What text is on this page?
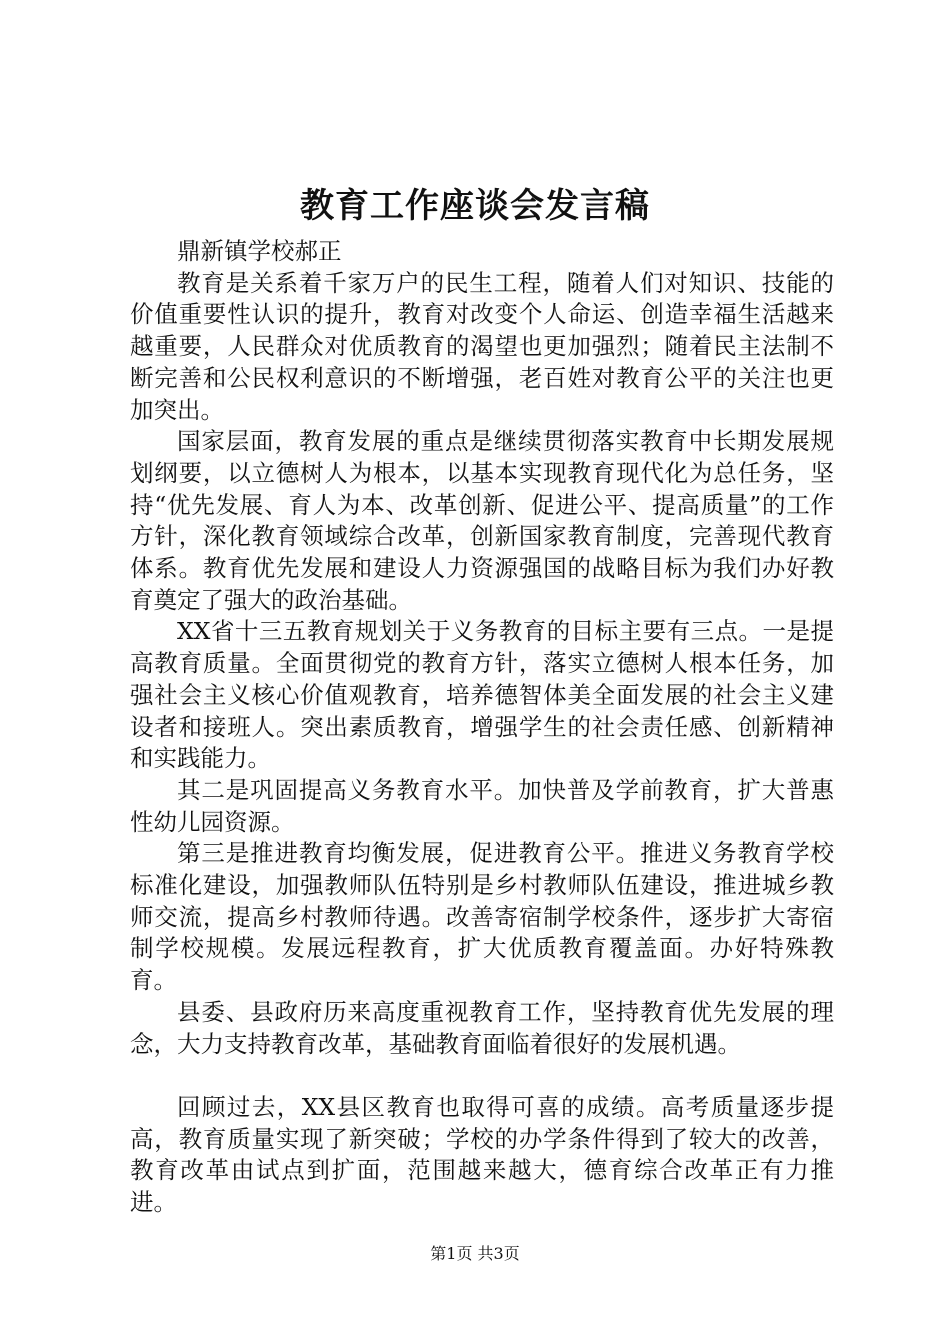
教育工作座谈会发言稿

鼎新镇学校郝正

教育是关系着千家万户的民生工程，随着人们对知识、技能的价值重要性认识的提升，教育对改变个人命运、创造幸福生活越来越重要，人民群众对优质教育的渴望也更加强烈；随着民主法制不断完善和公民权利意识的不断增强，老百姓对教育公平的关注也更加突出。

国家层面，教育发展的重点是继续贯彻落实教育中长期发展规划纲要，以立德树人为根本，以基本实现教育现代化为总任务，坚持“优先发展、育人为本、改革创新、促进公平、提高质量”的工作方针，深化教育领域综合改革，创新国家教育制度，完善现代教育体系。教育优先发展和建设人力资源强国的战略目标为我们办好教育奠定了强大的政治基础。

XX省十三五教育规划关于义务教育的目标主要有三点。一是提高教育质量。全面贯彻党的教育方针，落实立德树人根本任务，加强社会主义核心价值观教育，培养德智体美全面发展的社会主义建设者和接班人。突出素质教育，增强学生的社会责任感、创新精神和实践能力。

其二是巩固提高义务教育水平。加快普及学前教育，扩大普惠性幼儿园资源。

第三是推进教育均衡发展，促进教育公平。推进义务教育学校标准化建设，加强教师队伍特别是乡村教师队伍建设，推进城乡教师交流，提高乡村教师待遇。改善寄宿制学校条件，逐步扩大寄宿制学校规模。发展远程教育，扩大优质教育覆盖面。办好特殊教育。

县委、县政府历来高度重视教育工作，坚持教育优先发展的理念，大力支持教育改革，基础教育面临着很好的发展机遇。

回顾过去，XX县区教育也取得可喜的成绩。高考质量逐步提高，教育质量实现了新突破；学校的办学条件得到了较大的改善，教育改革由试点到扩面，范围越来越大，德育综合改革正有力推进。

第1页 共3页
